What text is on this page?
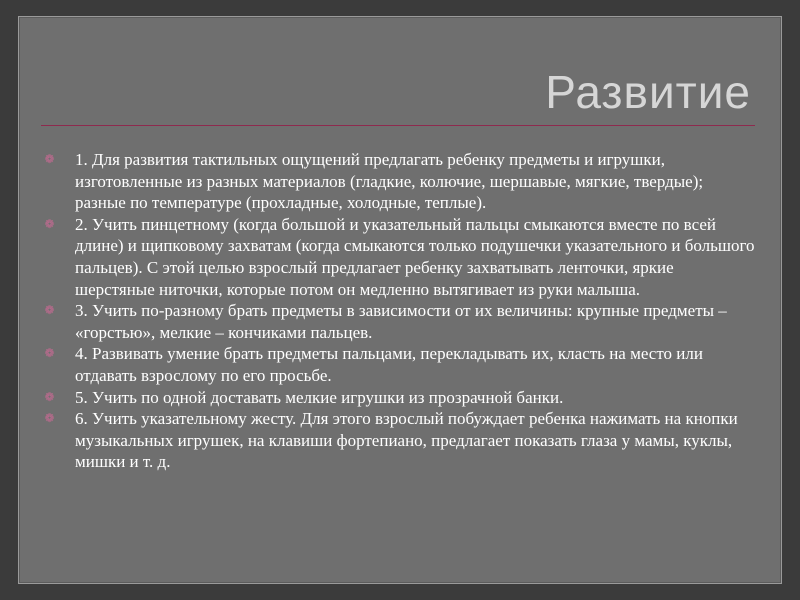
Развитие
❁ 1. Для развития тактильных ощущений предлагать ребенку предметы и игрушки, изготовленные из разных материалов (гладкие, колючие, шершавые, мягкие, твердые); разные по температуре (прохладные, холодные, теплые).
❁ 2. Учить пинцетному (когда большой и указательный пальцы смыкаются вместе по всей длине) и щипковому захватам (когда смыкаются только подушечки указательного и большого пальцев). С этой целью взрослый предлагает ребенку захватывать ленточки, яркие шерстяные ниточки, которые потом он медленно вытягивает из руки малыша.
❁ 3. Учить по-разному брать предметы в зависимости от их величины: крупные предметы – «горстью», мелкие – кончиками пальцев.
❁ 4. Развивать умение брать предметы пальцами, перекладывать их, класть на место или отдавать взрослому по его просьбе.
❁ 5. Учить по одной доставать мелкие игрушки из прозрачной банки.
❁ 6. Учить указательному жесту. Для этого взрослый побуждает ребенка нажимать на кнопки музыкальных игрушек, на клавиши фортепиано, предлагает показать глаза у мамы, куклы, мишки и т. д.
